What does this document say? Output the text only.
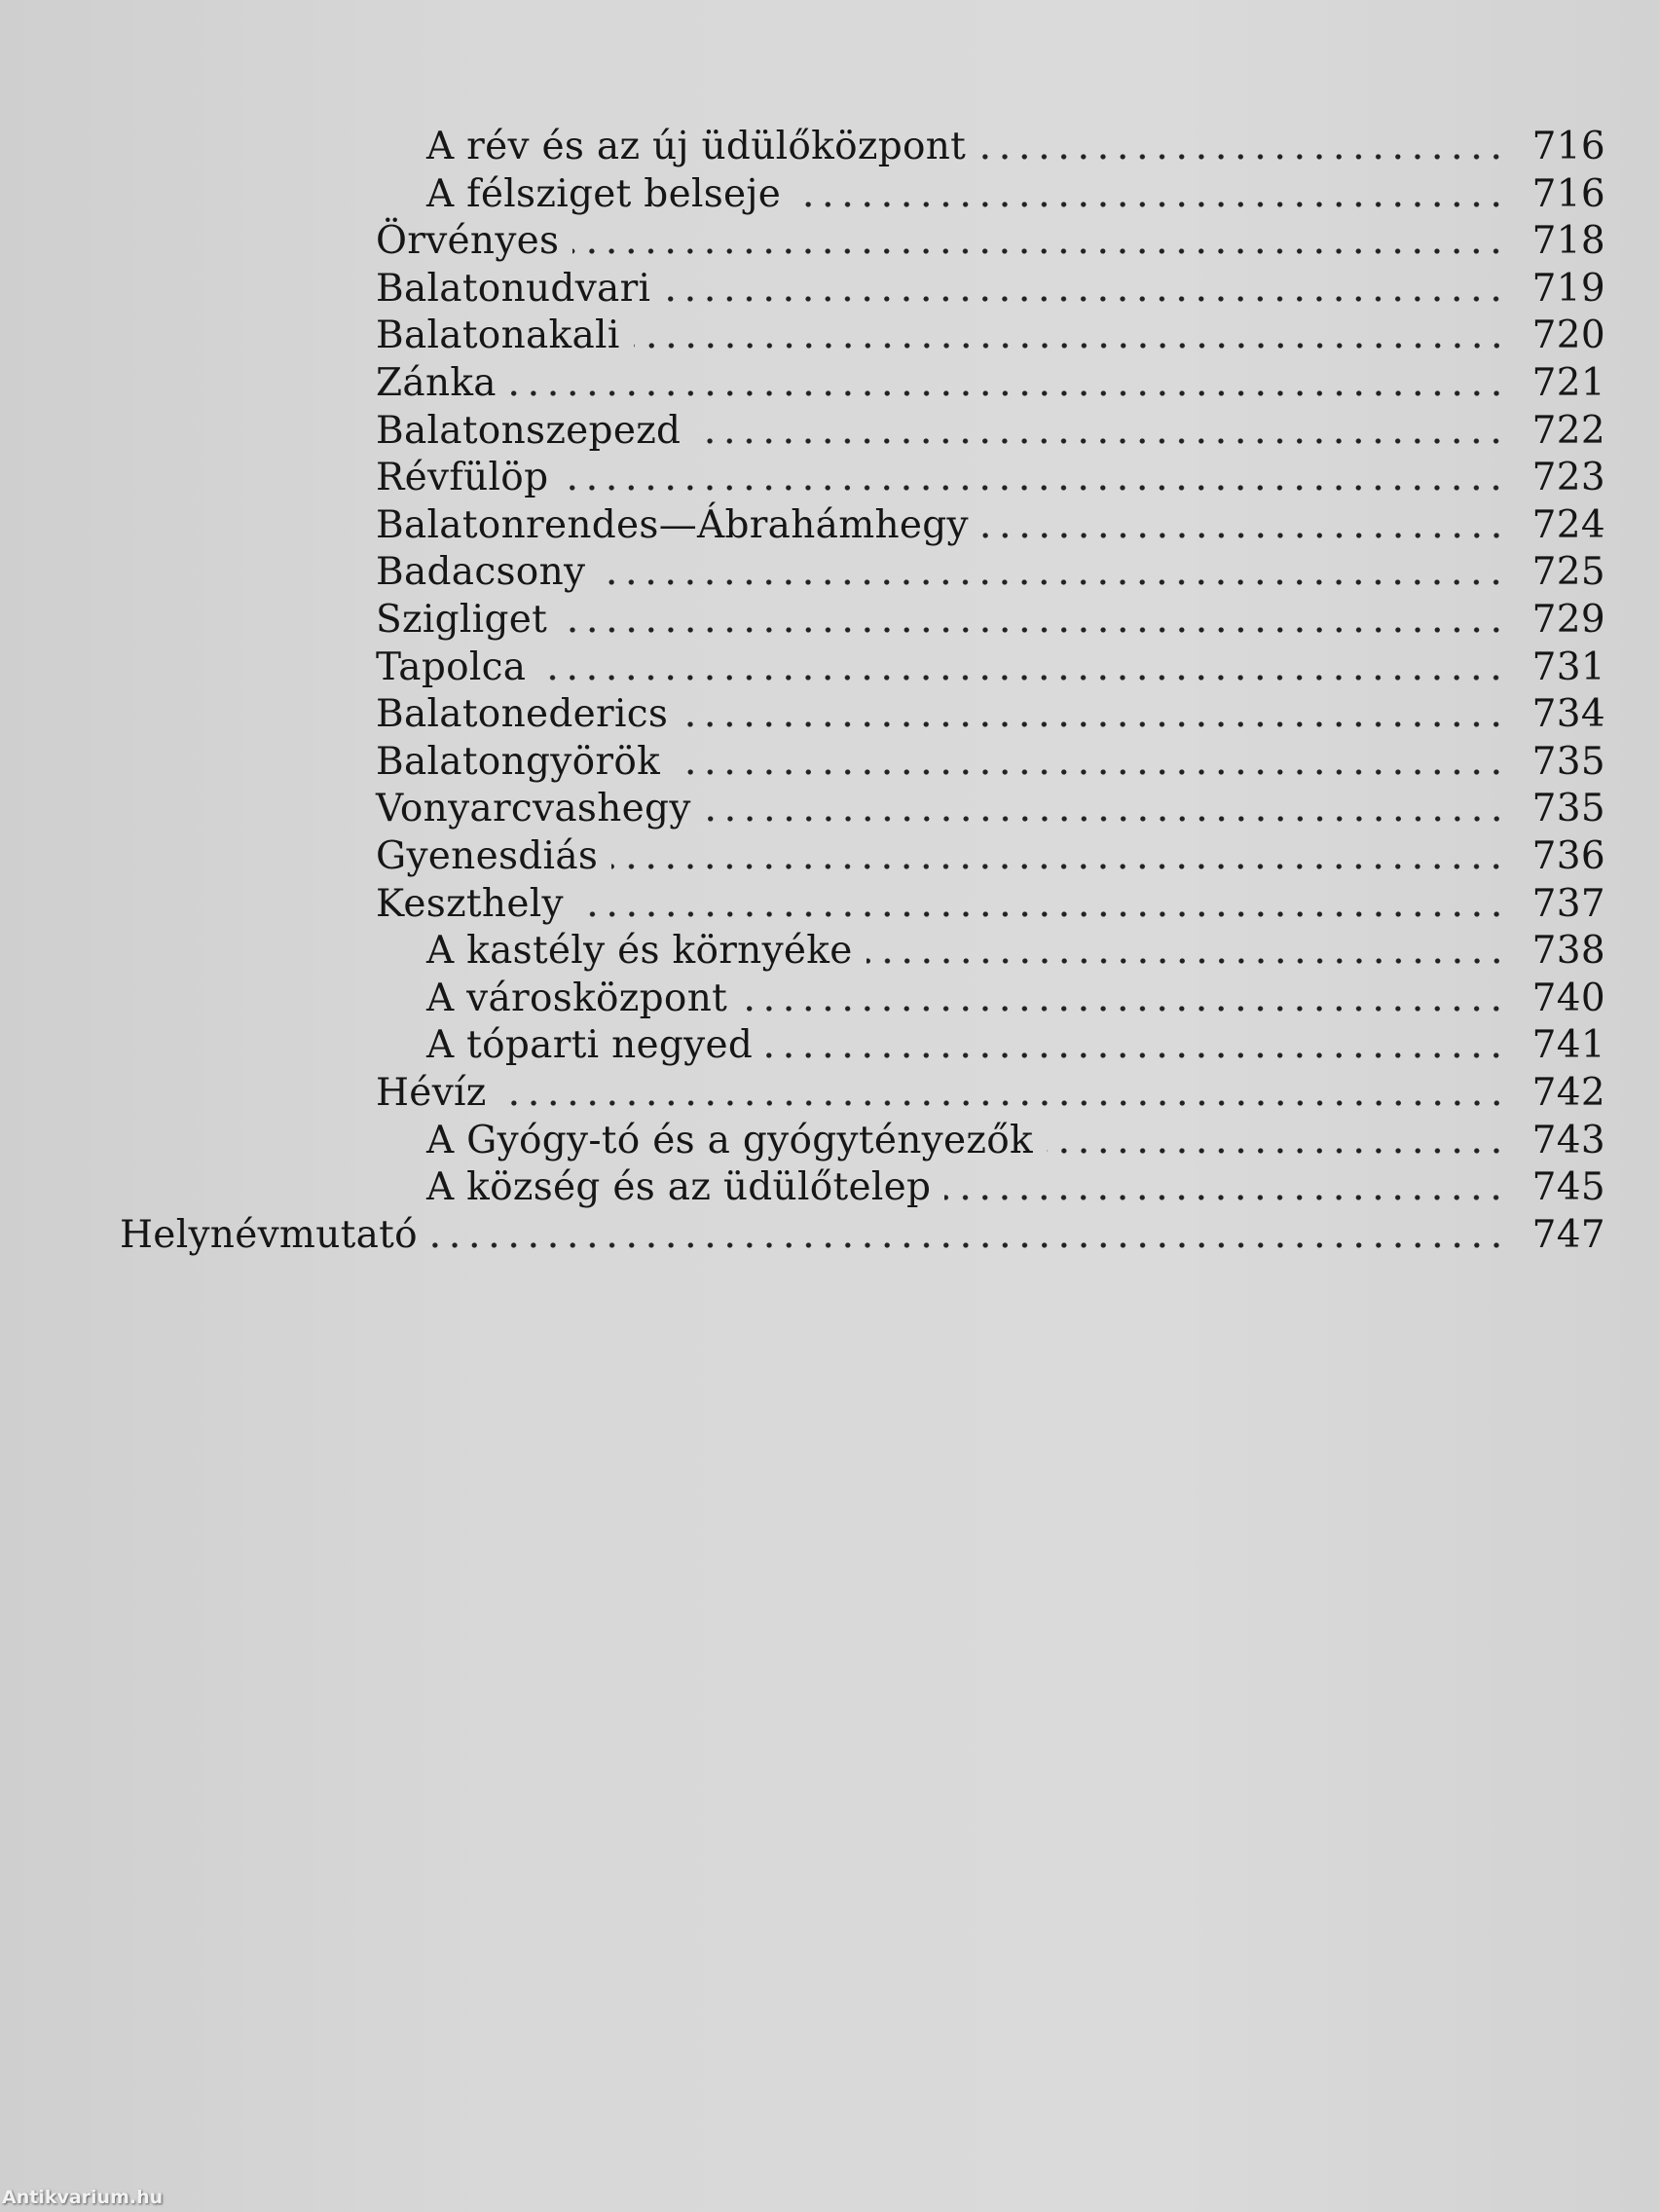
A rév és az új üdülőközpont	716
A félsziget belseje	716
Örvényes	718
Balatonudvari	719
Balatonakali	720
Zánka	721
Balatonszepezd	722
Révfülöp	723
Balatonrendes—Ábrahámhegy	724
Badacsony	725
Szigliget	729
Tapolca	731
Balatonederics	734
Balatongyörök	735
Vonyarcvashegy	735
Gyenesdiás	736
Keszthely	737
A kastély és környéke	738
A városközpont	740
A tóparti negyed	741
Hévíz	742
A Gyógy-tó és a gyógytényezők	743
A község és az üdülőtelep	745
Helynévmutató	747
Antikvarium.hu
